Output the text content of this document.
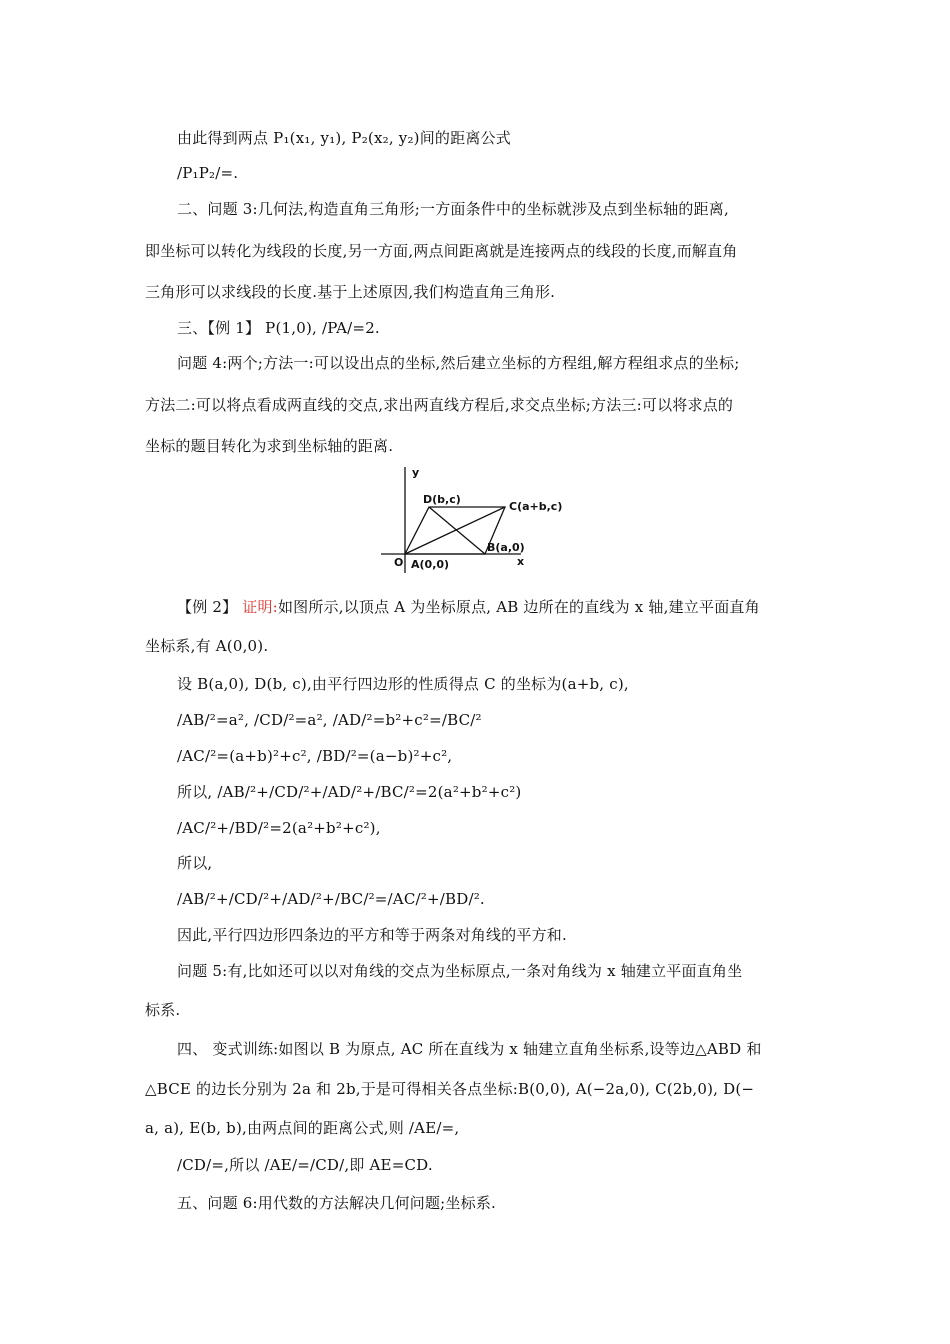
由此得到两点 P₁(x₁, y₁), P₂(x₂, y₂)间的距离公式
/P₁P₂/=.
二、问题 3:几何法,构造直角三角形;一方面条件中的坐标就涉及点到坐标轴的距离,
即坐标可以转化为线段的长度,另一方面,两点间距离就是连接两点的线段的长度,而解直角
三角形可以求线段的长度.基于上述原因,我们构造直角三角形.
三、【例 1】 P(1,0), /PA/=2.
问题 4:两个;方法一:可以设出点的坐标,然后建立坐标的方程组,解方程组求点的坐标;
方法二:可以将点看成两直线的交点,求出两直线方程后,求交点坐标;方法三:可以将求点的
坐标的题目转化为求到坐标轴的距离.
y
x
O A(0,0)
B(a,0)
C(a+b,c)
D(b,c)
【例 2】 证明:如图所示,以顶点 A 为坐标原点, AB 边所在的直线为 x 轴,建立平面直角
坐标系,有 A(0,0).
设 B(a,0), D(b, c),由平行四边形的性质得点 C 的坐标为(a+b, c),
/AB/²=a², /CD/²=a², /AD/²=b²+c²=/BC/²
/AC/²=(a+b)²+c², /BD/²=(a−b)²+c²,
所以, /AB/²+/CD/²+/AD/²+/BC/²=2(a²+b²+c²)
/AC/²+/BD/²=2(a²+b²+c²),
所以,
/AB/²+/CD/²+/AD/²+/BC/²=/AC/²+/BD/².
因此,平行四边形四条边的平方和等于两条对角线的平方和.
问题 5:有,比如还可以以对角线的交点为坐标原点,一条对角线为 x 轴建立平面直角坐
标系.
四、 变式训练:如图以 B 为原点, AC 所在直线为 x 轴建立直角坐标系,设等边△ABD 和
△BCE 的边长分别为 2a 和 2b,于是可得相关各点坐标:B(0,0), A(−2a,0), C(2b,0), D(−
a, a), E(b, b),由两点间的距离公式,则 /AE/=,
/CD/=,所以 /AE/=/CD/,即 AE=CD.
五、问题 6:用代数的方法解决几何问题;坐标系.
